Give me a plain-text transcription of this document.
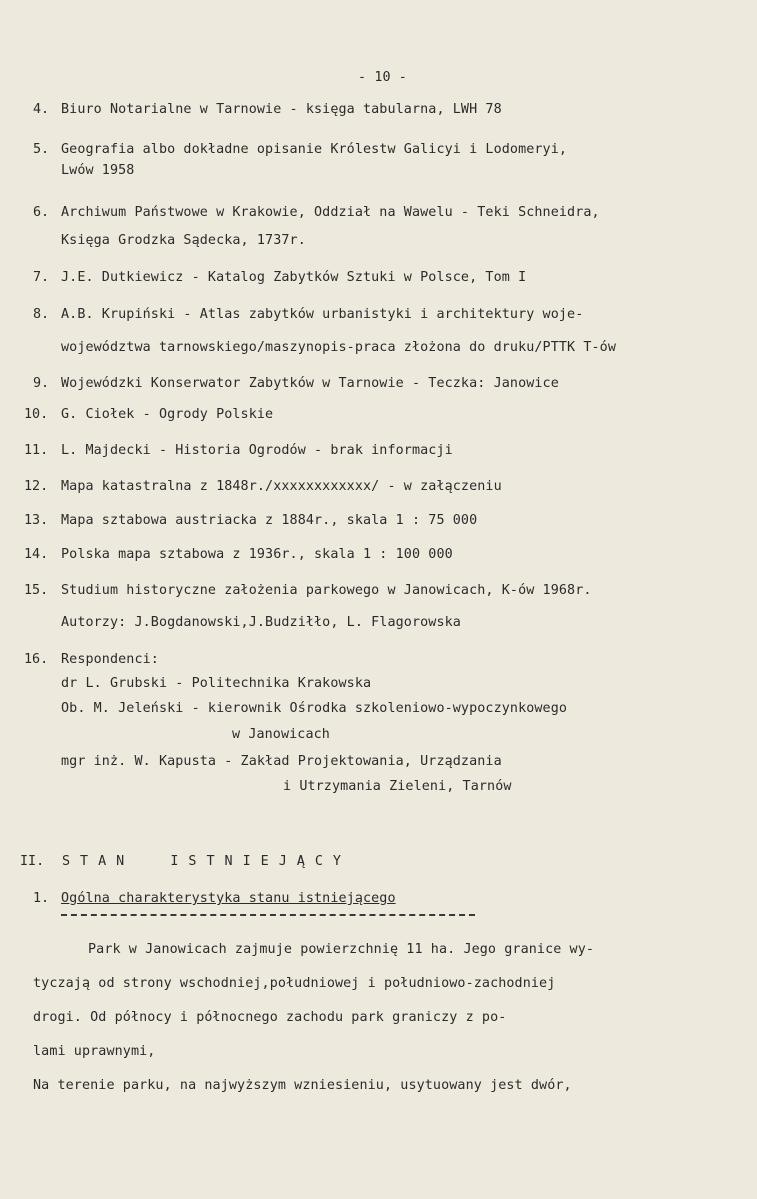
- 10 -
4. Biuro Notarialne w Tarnowie - księga tabularna, LWH 78
5. Geografia albo dokładne opisanie Królestw Galicyi i Lodomeryi,
Lwów 1958
6. Archiwum Państwowe w Krakowie, Oddział na Wawelu - Teki Schneidra,
Księga Grodzka Sądecka, 1737r.
7. J.E. Dutkiewicz - Katalog Zabytków Sztuki w Polsce, Tom I
8. A.B. Krupiński - Atlas zabytków urbanistyki i architektury woje-
województwa tarnowskiego/maszynopis-praca złożona do druku/PTTK T-ów
9. Wojewódzki Konserwator Zabytków w Tarnowie - Teczka: Janowice
10. G. Ciołek - Ogrody Polskie
11. L. Majdecki - Historia Ogrodów - brak informacji
12. Mapa katastralna z 1848r./xxxxxxxxxxxx/ - w załączeniu
13. Mapa sztabowa austriacka z 1884r., skala 1 : 75 000
14. Polska mapa sztabowa z 1936r., skala 1 : 100 000
15. Studium historyczne założenia parkowego w Janowicach, K-ów 1968r.
Autorzy: J.Bogdanowski,J.Budziłło, L. Flagorowska
16. Respondenci:
dr L. Grubski - Politechnika Krakowska
Ob. M. Jeleński - kierownik Ośrodka szkoleniowo-wypoczynkowego
w Janowicach
mgr inż. W. Kapusta - Zakład Projektowania, Urządzania
i Utrzymania Zieleni, Tarnów
II. STAN  ISTNIEJĄCY
1. Ogólna charakterystyka stanu istniejącego
Park w Janowicach zajmuje powierzchnię 11 ha. Jego granice wy-
tyczają od strony wschodniej,południowej i południowo-zachodniej
drogi. Od północy i północnego zachodu park graniczy z po-
lami uprawnymi,
Na terenie parku, na najwyższym wzniesieniu, usytuowany jest dwór,
